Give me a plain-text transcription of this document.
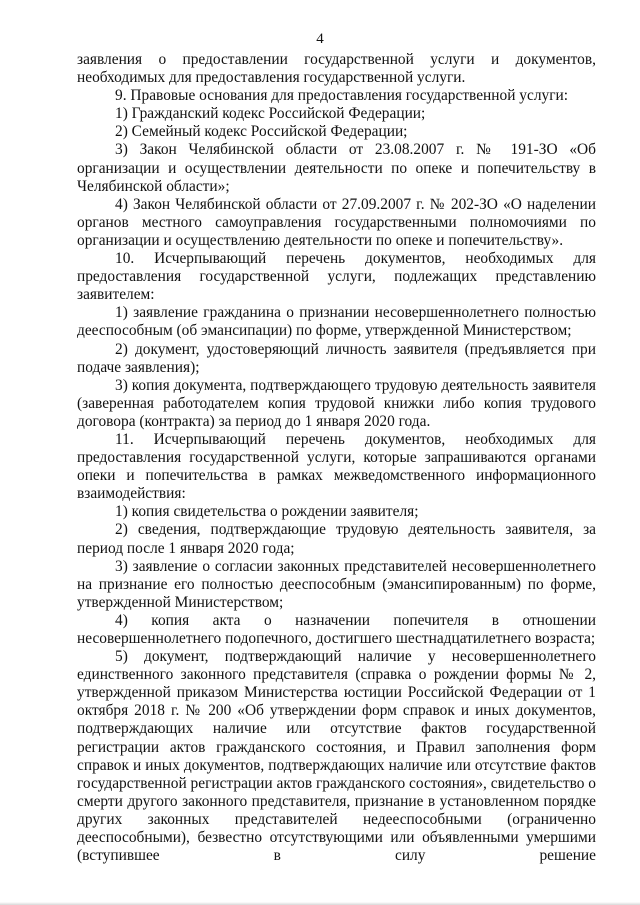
4

заявления о предоставлении государственной услуги и документов, необходимых для предоставления государственной услуги.

9. Правовые основания для предоставления государственной услуги:

1) Гражданский кодекс Российской Федерации;

2) Семейный кодекс Российской Федерации;

3) Закон Челябинской области от 23.08.2007 г. № 191-ЗО «Об организации и осуществлении деятельности по опеке и попечительству в Челябинской области»;

4) Закон Челябинской области от 27.09.2007 г. № 202-ЗО «О наделении органов местного самоуправления государственными полномочиями по организации и осуществлению деятельности по опеке и попечительству».

10. Исчерпывающий перечень документов, необходимых для предоставления государственной услуги, подлежащих представлению заявителем:

1) заявление гражданина о признании несовершеннолетнего полностью дееспособным (об эмансипации) по форме, утвержденной Министерством;

2) документ, удостоверяющий личность заявителя (предъявляется при подаче заявления);

3) копия документа, подтверждающего трудовую деятельность заявителя (заверенная работодателем копия трудовой книжки либо копия трудового договора (контракта) за период до 1 января 2020 года.

11. Исчерпывающий перечень документов, необходимых для предоставления государственной услуги, которые запрашиваются органами опеки и попечительства в рамках межведомственного информационного взаимодействия:

1) копия свидетельства о рождении заявителя;

2) сведения, подтверждающие трудовую деятельность заявителя, за период после 1 января 2020 года;

3) заявление о согласии законных представителей несовершеннолетнего на признание его полностью дееспособным (эмансипированным) по форме, утвержденной Министерством;

4) копия акта о назначении попечителя в отношении несовершеннолетнего подопечного, достигшего шестнадцатилетнего возраста;

5) документ, подтверждающий наличие у несовершеннолетнего единственного законного представителя (справка о рождении формы № 2, утвержденной приказом Министерства юстиции Российской Федерации от 1 октября 2018 г. № 200 «Об утверждении форм справок и иных документов, подтверждающих наличие или отсутствие фактов государственной регистрации актов гражданского состояния, и Правил заполнения форм справок и иных документов, подтверждающих наличие или отсутствие фактов государственной регистрации актов гражданского состояния», свидетельство о смерти другого законного представителя, признание в установленном порядке других законных представителей недееспособными (ограниченно дееспособными), безвестно отсутствующими или объявленными умершими (вступившее в силу решение
